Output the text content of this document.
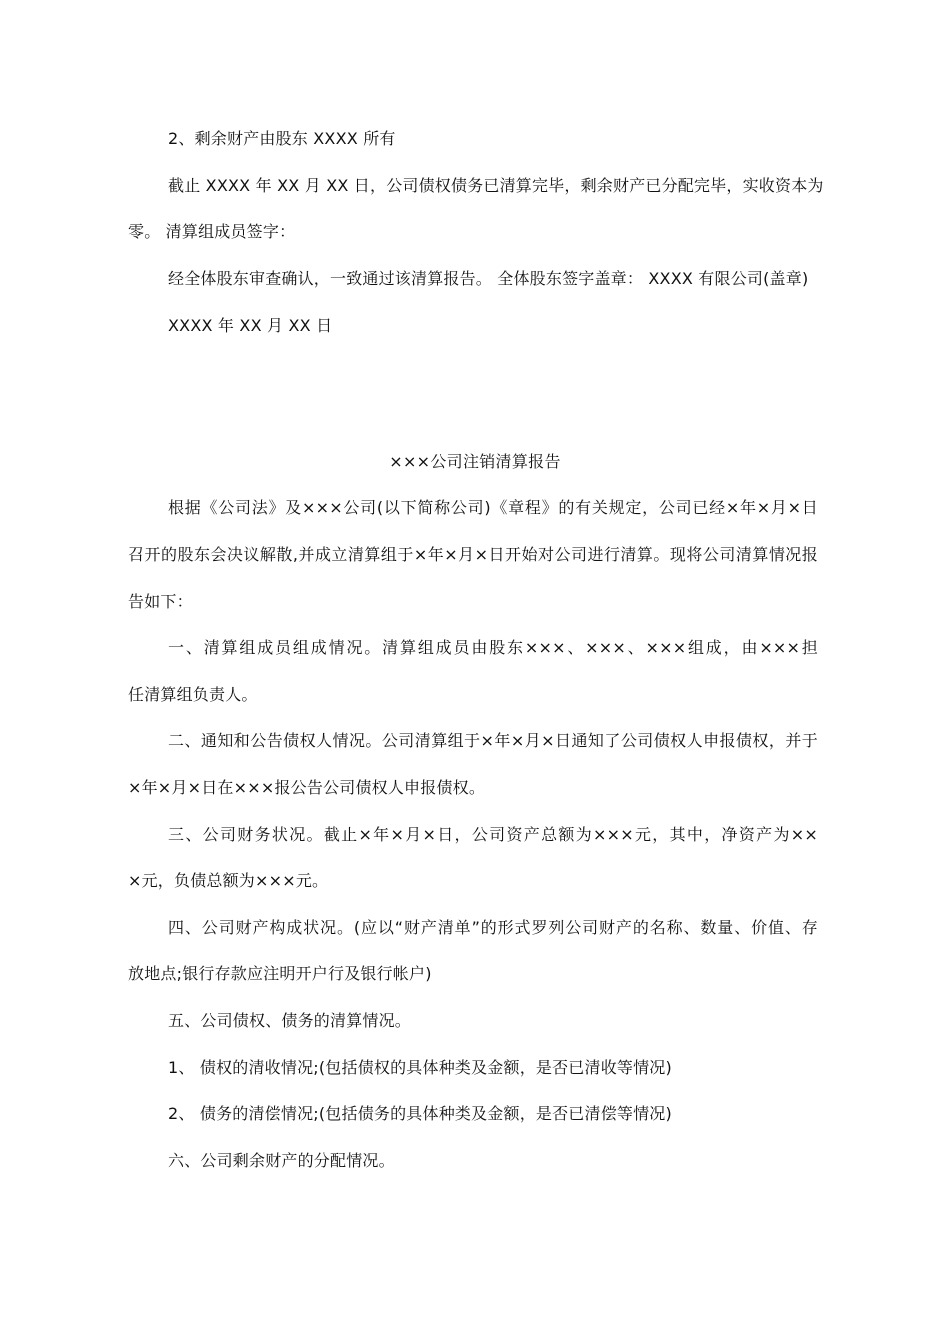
2、剩余财产由股东 XXXX 所有
截止 XXXX 年 XX 月 XX 日，公司债权债务已清算完毕，剩余财产已分配完毕，实收资本为
零。 清算组成员签字：
经全体股东审查确认，一致通过该清算报告。 全体股东签字盖章： XXXX 有限公司(盖章)
XXXX 年 XX 月 XX 日
×××公司注销清算报告
根据《公司法》及×××公司(以下简称公司)《章程》的有关规定，公司已经×年×月×日
召开的股东会决议解散,并成立清算组于×年×月×日开始对公司进行清算。现将公司清算情况报
告如下：
一、清算组成员组成情况。清算组成员由股东×××、×××、×××组成，由×××担
任清算组负责人。
二、通知和公告债权人情况。公司清算组于×年×月×日通知了公司债权人申报债权，并于
×年×月×日在×××报公告公司债权人申报债权。
三、公司财务状况。截止×年×月×日，公司资产总额为×××元，其中，净资产为××
×元，负债总额为×××元。
四、公司财产构成状况。(应以“财产清单”的形式罗列公司财产的名称、数量、价值、存
放地点;银行存款应注明开户行及银行帐户)
五、公司债权、债务的清算情况。
1、 债权的清收情况;(包括债权的具体种类及金额，是否已清收等情况)
2、 债务的清偿情况;(包括债务的具体种类及金额，是否已清偿等情况)
六、公司剩余财产的分配情况。
